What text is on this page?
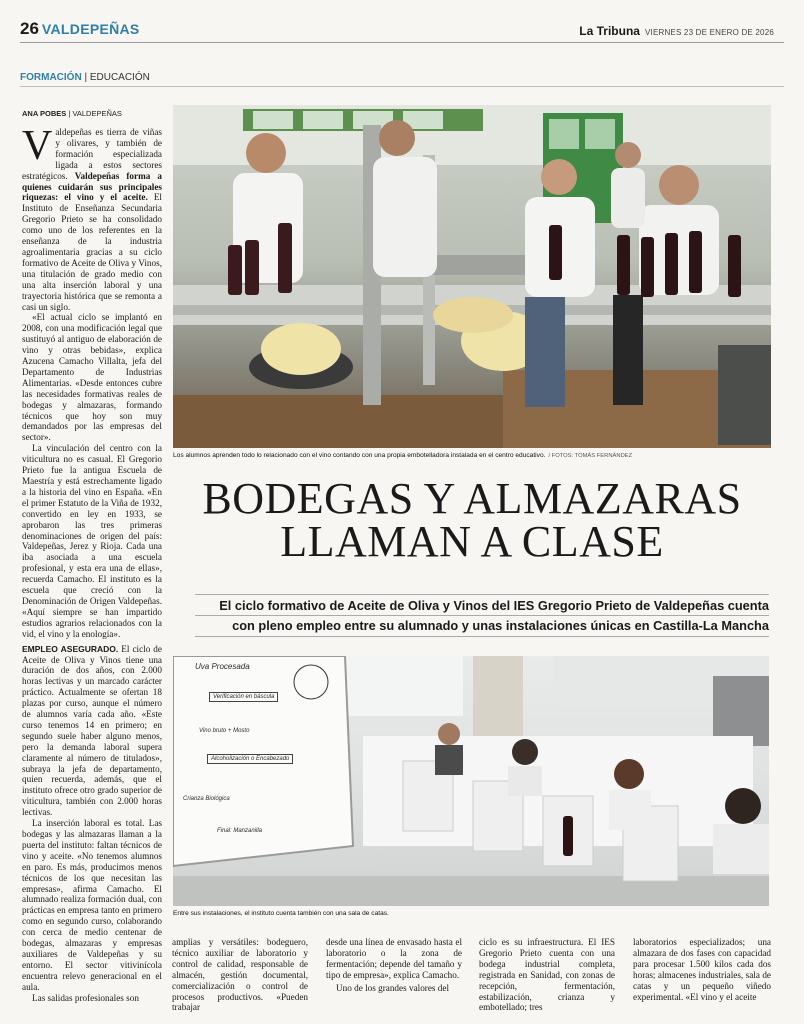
26 VALDEPEÑAS	La Tribuna VIERNES 23 DE ENERO DE 2026
FORMACIÓN | EDUCACIÓN
ANA POBES | VALDEPEÑAS

Valdepeñas es tierra de viñas y olivares, y también de formación especializada ligada a estos sectores estratégicos. Valdepeñas forma a quienes cuidarán sus principales riquezas: el vino y el aceite. El Instituto de Enseñanza Secundaria Gregorio Prieto se ha consolidado como uno de los referentes en la enseñanza de la industria agroalimentaria gracias a su ciclo formativo de Aceite de Oliva y Vinos, una titulación de grado medio con una alta inserción laboral y una trayectoria histórica que se remonta a casi un siglo.

«El actual ciclo se implantó en 2008, con una modificación legal que sustituyó al antiguo de elaboración de vino y otras bebidas», explica Azucena Camacho Villalta, jefa del Departamento de Industrias Alimentarias. «Desde entonces cubre las necesidades formativas reales de bodegas y almazaras, formando técnicos que hoy son muy demandados por las empresas del sector».

La vinculación del centro con la viticultura no es casual. El Gregorio Prieto fue la antigua Escuela de Maestría y está estrechamente ligado a la historia del vino en España. «En el primer Estatuto de la Viña de 1932, convertido en ley en 1933, se aprobaron las tres primeras denominaciones de origen del país: Valdepeñas, Jerez y Rioja. Cada una iba asociada a una escuela profesional, y esta era una de ellas», recuerda Camacho. El instituto es la escuela que creció con la Denominación de Origen Valdepeñas. «Aquí siempre se han impartido estudios agrarios relacionados con la vid, el vino y la enología».

EMPLEO ASEGURADO. El ciclo de Aceite de Oliva y Vinos tiene una duración de dos años, con 2.000 horas lectivas y un marcado carácter práctico. Actualmente se ofertan 18 plazas por curso, aunque el número de alumnos varía cada año. «Este curso tenemos 14 en primero; en segundo suele haber alguno menos, pero la demanda laboral supera claramente al número de titulados», subraya la jefa de departamento, quien recuerda, además, que el instituto ofrece otro grado superior de viticultura, también con 2.000 horas lectivas.

La inserción laboral es total. Las bodegas y las almazaras llaman a la puerta del instituto: faltan técnicos de vino y aceite. «No tenemos alumnos en paro. Es más, producimos menos técnicos de los que necesitan las empresas», afirma Camacho. El alumnado realiza formación dual, con prácticas en empresa tanto en primero como en segundo curso, colaborando con cerca de medio centenar de bodegas, almazaras y empresas auxiliares de Valdepeñas y su entorno. El sector vitivinícola encuentra relevo generacional en el aula.

Las salidas profesionales son

Los alumnos aprenden todo lo relacionado con el vino contando con una propia embotelladora instalada en el centro educativo. / FOTOS: TOMÁS FERNÁNDEZ
BODEGAS Y ALMAZARAS
LLAMAN A CLASE
El ciclo formativo de Aceite de Oliva y Vinos del IES Gregorio Prieto de Valdepeñas cuenta
con pleno empleo entre su alumnado y unas instalaciones únicas en Castilla-La Mancha
Uva Procesada
Verificación en báscula
Vino bruto + Mosto
Alcoholización o Encabezado
Crianza Biológica
Final: Manzanilla
Entre sus instalaciones, el instituto cuenta también con una sala de catas.

amplias y versátiles: bodeguero, técnico auxiliar de laboratorio y control de calidad, responsable de almacén, gestión documental, comercialización o control de procesos productivos. «Pueden trabajar

desde una línea de envasado hasta el laboratorio o la zona de fermentación; depende del tamaño y tipo de empresa», explica Camacho.

Uno de los grandes valores del

ciclo es su infraestructura. El IES Gregorio Prieto cuenta con una bodega industrial completa, registrada en Sanidad, con zonas de recepción, fermentación, estabilización, crianza y embotellado; tres

laboratorios especializados; una almazara de dos fases con capacidad para procesar 1.500 kilos cada dos horas; almacenes industriales, sala de catas y un pequeño viñedo experimental. «El vino y el aceite
